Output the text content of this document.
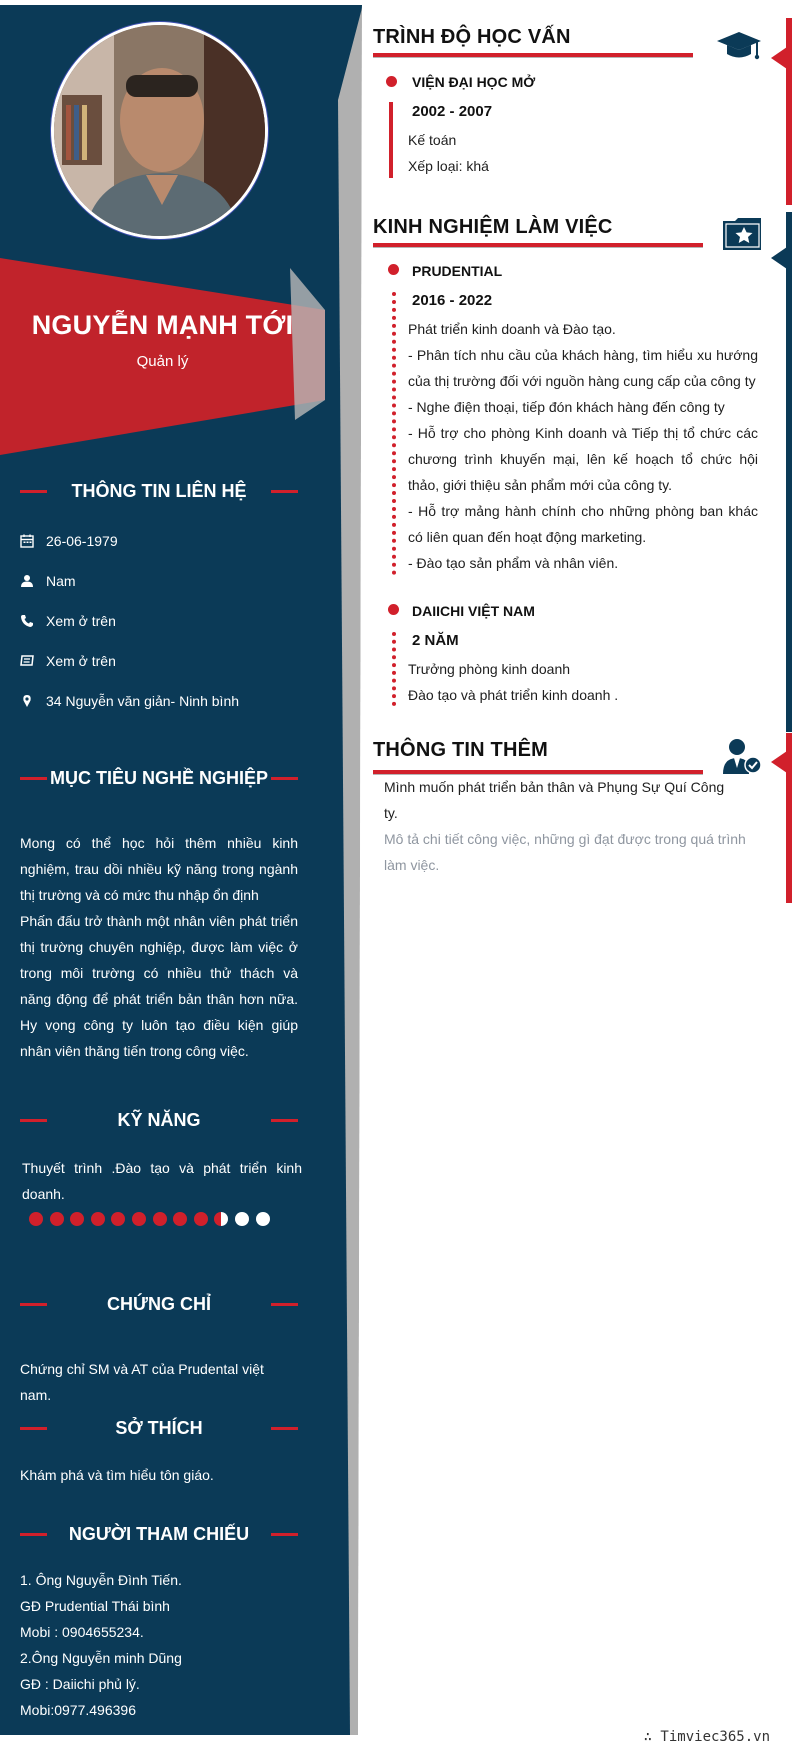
NGUYỄN MẠNH TỚI
Quản lý
THÔNG TIN LIÊN HỆ
26-06-1979
Nam
Xem ở trên
Xem ở trên
34 Nguyễn văn giản- Ninh bình
MỤC TIÊU NGHỀ NGHIỆP

Mong có thể học hỏi thêm nhiều kinh nghiệm, trau dồi nhiều kỹ năng trong ngành thị trường và có mức thu nhập ổn định

Phấn đấu trở thành một nhân viên phát triển thị trường chuyên nghiệp, được làm việc ở trong môi trường có nhiều thử thách và năng động để phát triển bản thân hơn nữa. Hy vọng công ty luôn tạo điều kiện giúp nhân viên thăng tiến trong công việc.

KỸ NĂNG
Thuyết trình .Đào tạo và phát triển kinh doanh.
CHỨNG CHỈ
Chứng chỉ SM và AT của Prudental việt nam.
SỞ THÍCH
Khám phá và tìm hiểu tôn giáo.
NGƯỜI THAM CHIẾU

1. Ông Nguyễn Đình Tiến.

GĐ Prudential Thái bình

Mobi : 0904655234.

2.Ông Nguyễn minh Dũng

GĐ : Daiichi phủ lý.

Mobi:0977.496396

TRÌNH ĐỘ HỌC VẤN
VIỆN ĐẠI HỌC MỞ
2002 - 2007

Kế toán

Xếp loại: khá

KINH NGHIỆM LÀM VIỆC
PRUDENTIAL
2016 - 2022

Phát triển kinh doanh và Đào tạo.

- Phân tích nhu cầu của khách hàng, tìm hiểu xu hướng của thị trường đối với nguồn hàng cung cấp của công ty

- Nghe điện thoại, tiếp đón khách hàng đến công ty

- Hỗ trợ cho phòng Kinh doanh và Tiếp thị tổ chức các chương trình khuyến mại, lên kế hoạch tổ chức hội thảo, giới thiệu sản phẩm mới của công ty.

- Hỗ trợ mảng hành chính cho những phòng ban khác có liên quan đến hoạt động marketing.

- Đào tạo sản phẩm và nhân viên.

DAIICHI VIỆT NAM
2 NĂM

Trưởng phòng kinh doanh

Đào tạo và phát triển kinh doanh .

THÔNG TIN THÊM
Mình muốn phát triển bản thân và Phụng Sự Quí Công ty.
Mô tả chi tiết công việc, những gì đạt được trong quá trình làm việc.
∴ Timviec365.vn
